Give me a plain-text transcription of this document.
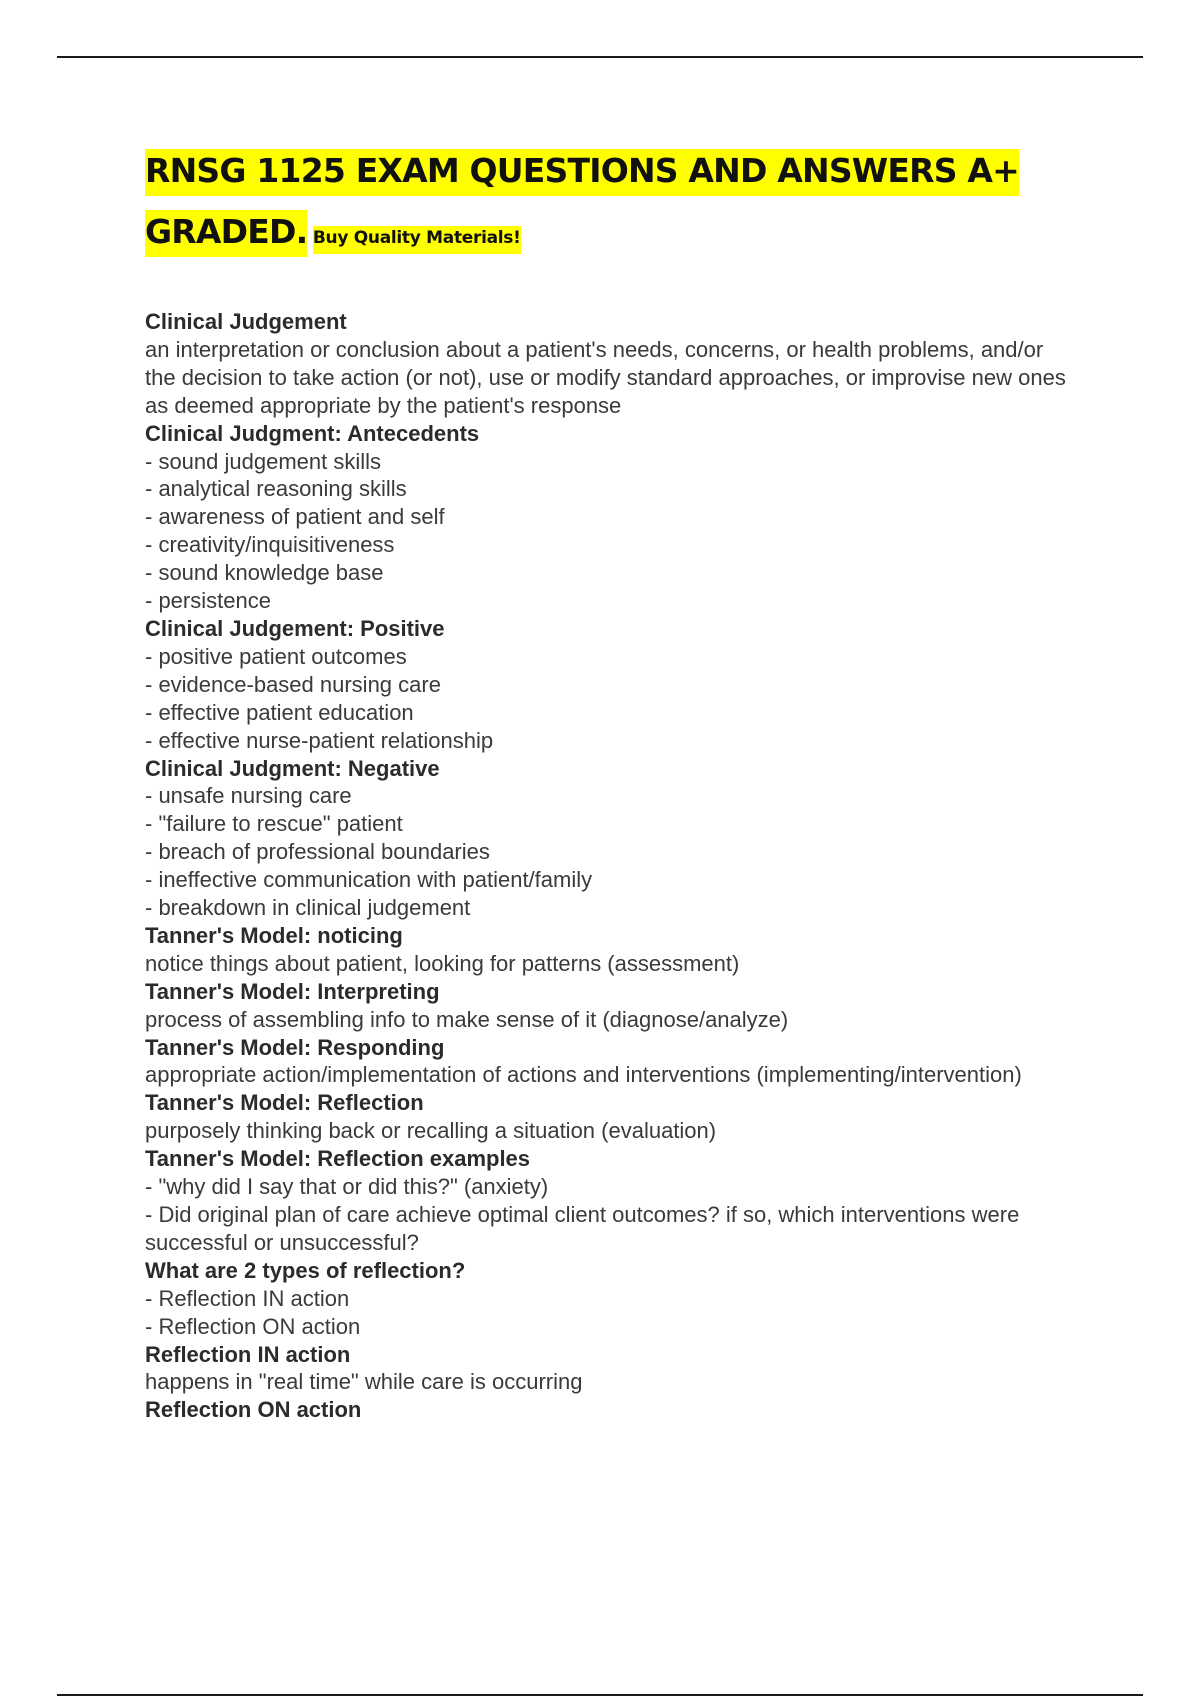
RNSG 1125 EXAM QUESTIONS AND ANSWERS A+ GRADED. Buy Quality Materials!
Clinical Judgement
an interpretation or conclusion about a patient's needs, concerns, or health problems, and/or the decision to take action (or not), use or modify standard approaches, or improvise new ones as deemed appropriate by the patient's response
Clinical Judgment: Antecedents
- sound judgement skills
- analytical reasoning skills
- awareness of patient and self
- creativity/inquisitiveness
- sound knowledge base
- persistence
Clinical Judgement: Positive
- positive patient outcomes
- evidence-based nursing care
- effective patient education
- effective nurse-patient relationship
Clinical Judgment: Negative
- unsafe nursing care
- "failure to rescue" patient
- breach of professional boundaries
- ineffective communication with patient/family
- breakdown in clinical judgement
Tanner's Model: noticing
notice things about patient, looking for patterns (assessment)
Tanner's Model: Interpreting
process of assembling info to make sense of it (diagnose/analyze)
Tanner's Model: Responding
appropriate action/implementation of actions and interventions (implementing/intervention)
Tanner's Model: Reflection
purposely thinking back or recalling a situation (evaluation)
Tanner's Model: Reflection examples
- "why did I say that or did this?" (anxiety)
- Did original plan of care achieve optimal client outcomes? if so, which interventions were successful or unsuccessful?
What are 2 types of reflection?
- Reflection IN action
- Reflection ON action
Reflection IN action
happens in "real time" while care is occurring
Reflection ON action
